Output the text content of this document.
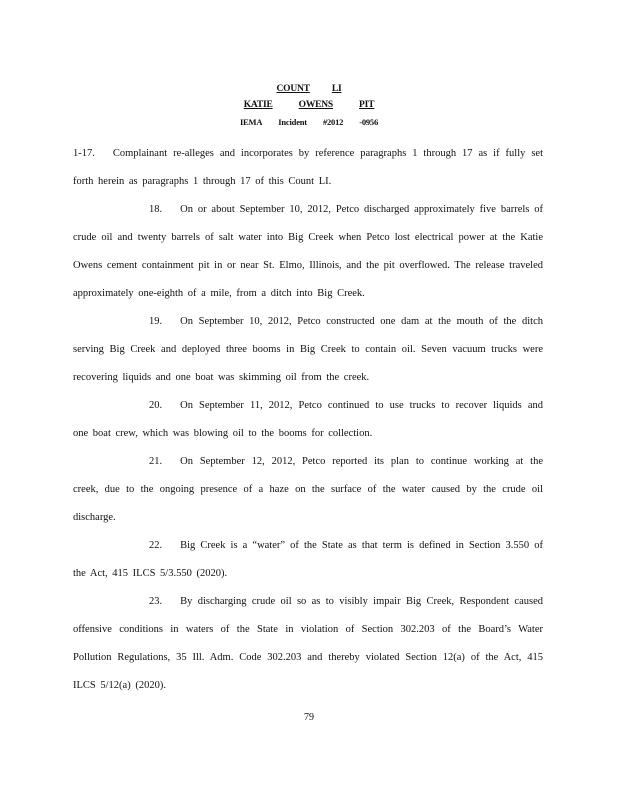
COUNT LI
KATIE	OWENS	PIT
IEMA Incident #2012 -0956

1-17. Complainant re-alleges and incorporates by reference paragraphs 1 through 17 as if fully set forth herein as paragraphs 1 through 17 of this Count LI.

18. On or about September 10, 2012, Petco discharged approximately five barrels of crude oil and twenty barrels of salt water into Big Creek when Petco lost electrical power at the Katie Owens cement containment pit in or near St. Elmo, Illinois, and the pit overflowed. The release traveled approximately one-eighth of a mile, from a ditch into Big Creek.

19. On September 10, 2012, Petco constructed one dam at the mouth of the ditch serving Big Creek and deployed three booms in Big Creek to contain oil. Seven vacuum trucks were recovering liquids and one boat was skimming oil from the creek.

20. On September 11, 2012, Petco continued to use trucks to recover liquids and one boat crew, which was blowing oil to the booms for collection.

21. On September 12, 2012, Petco reported its plan to continue working at the creek, due to the ongoing presence of a haze on the surface of the water caused by the crude oil discharge.

22. Big Creek is a “water” of the State as that term is defined in Section 3.550 of the Act, 415 ILCS 5/3.550 (2020).

23. By discharging crude oil so as to visibly impair Big Creek, Respondent caused offensive conditions in waters of the State in violation of Section 302.203 of the Board’s Water Pollution Regulations, 35 Ill. Adm. Code 302.203 and thereby violated Section 12(a) of the Act, 415 ILCS 5/12(a) (2020).

79
